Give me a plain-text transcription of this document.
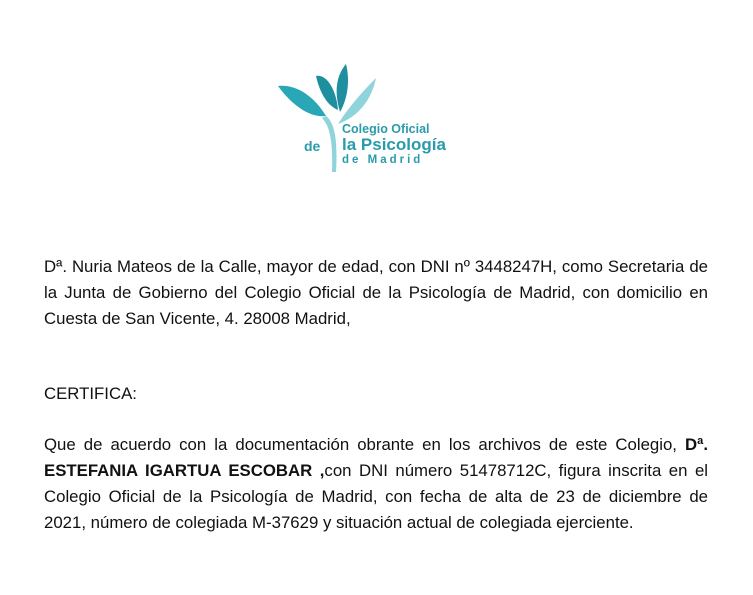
Colegio Oficial
de la Psicología
de Madrid
Dª. Nuria Mateos de la Calle, mayor de edad, con DNI nº 3448247H, como Secretaria de la Junta de Gobierno del Colegio Oficial de la Psicología de Madrid, con domicilio en Cuesta de San Vicente, 4. 28008 Madrid,
CERTIFICA:
Que de acuerdo con la documentación obrante en los archivos de este Colegio, Dª. ESTEFANIA IGARTUA ESCOBAR ,con DNI número 51478712C, figura inscrita en el Colegio Oficial de la Psicología de Madrid, con fecha de alta de 23 de diciembre de 2021, número de colegiada M-37629 y situación actual de colegiada ejerciente.
